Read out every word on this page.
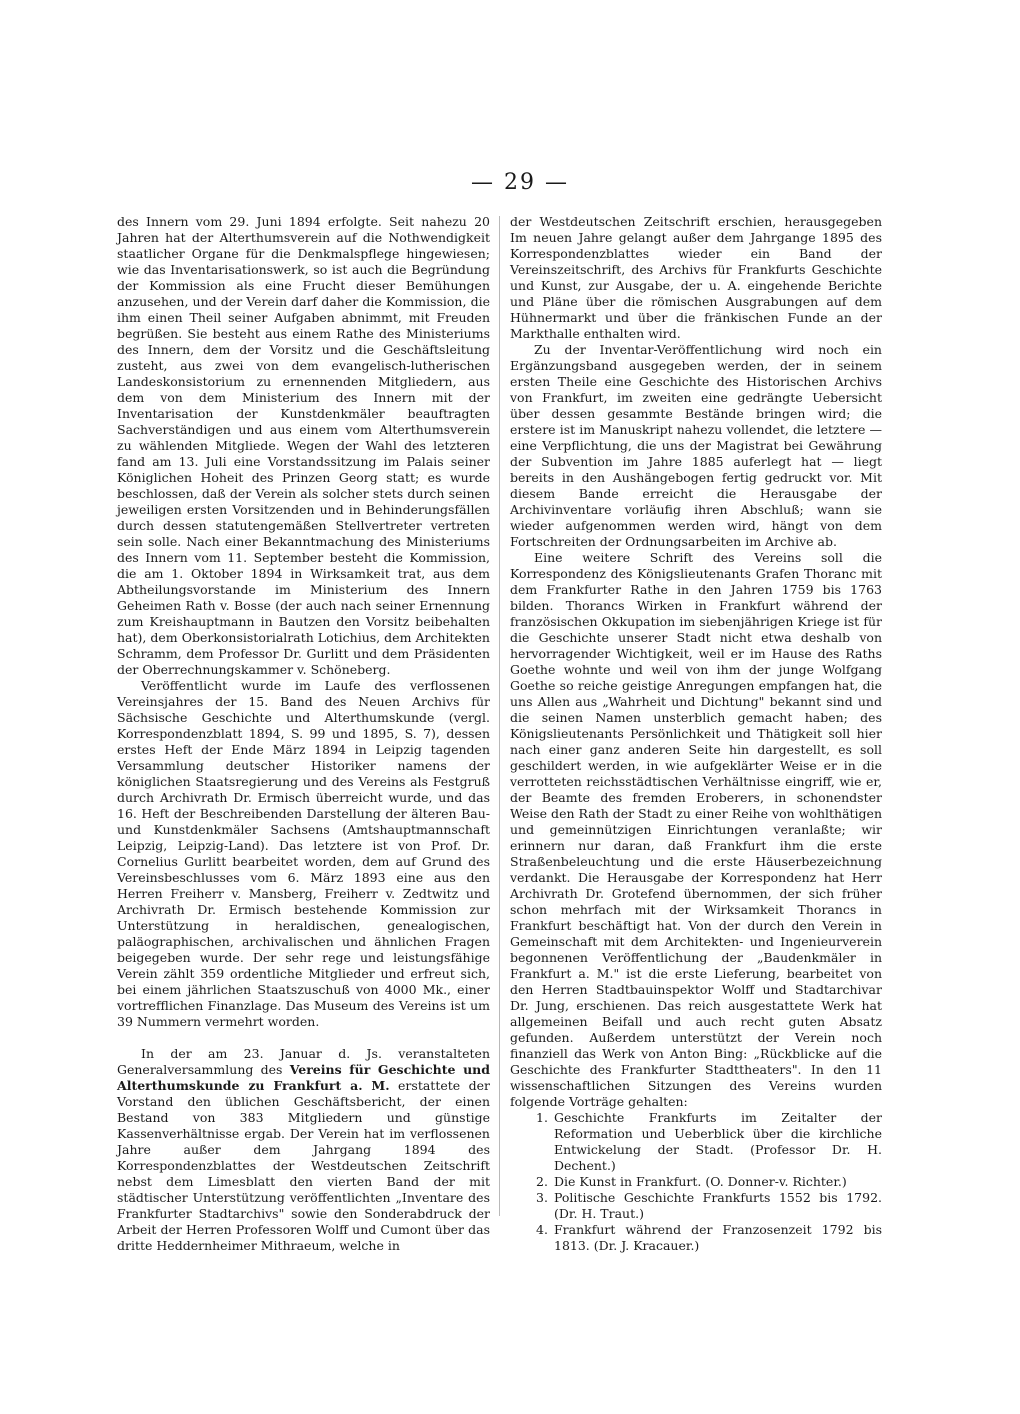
— 29 —

des Innern vom 29. Juni 1894 erfolgte. Seit nahezu 20 Jahren hat der Alterthumsverein auf die Nothwendigkeit staatlicher Organe für die Denkmalspflege hingewiesen; wie das Inventarisationswerk, so ist auch die Begründung der Kommission als eine Frucht dieser Bemühungen anzusehen, und der Verein darf daher die Kommission, die ihm einen Theil seiner Aufgaben abnimmt, mit Freuden begrüßen. Sie besteht aus einem Rathe des Ministeriums des Innern, dem der Vorsitz und die Geschäftsleitung zusteht, aus zwei von dem evangelisch-lutherischen Landeskonsistorium zu ernennenden Mitgliedern, aus dem von dem Ministerium des Innern mit der Inventarisation der Kunstdenkmäler beauftragten Sachverständigen und aus einem vom Alterthumsverein zu wählenden Mitgliede. Wegen der Wahl des letzteren fand am 13. Juli eine Vorstandssitzung im Palais seiner Königlichen Hoheit des Prinzen Georg statt; es wurde beschlossen, daß der Verein als solcher stets durch seinen jeweiligen ersten Vorsitzenden und in Behinderungsfällen durch dessen statutengemäßen Stellvertreter vertreten sein solle. Nach einer Bekanntmachung des Ministeriums des Innern vom 11. September besteht die Kommission, die am 1. Oktober 1894 in Wirksamkeit trat, aus dem Abtheilungsvorstande im Ministerium des Innern Geheimen Rath v. Bosse (der auch nach seiner Ernennung zum Kreishauptmann in Bautzen den Vorsitz beibehalten hat), dem Oberkonsistorialrath Lotichius, dem Architekten Schramm, dem Professor Dr. Gurlitt und dem Präsidenten der Oberrechnungskammer v. Schöneberg.

Veröffentlicht wurde im Laufe des verflossenen Vereinsjahres der 15. Band des Neuen Archivs für Sächsische Geschichte und Alterthumskunde (vergl. Korrespondenzblatt 1894, S. 99 und 1895, S. 7), dessen erstes Heft der Ende März 1894 in Leipzig tagenden Versammlung deutscher Historiker namens der königlichen Staatsregierung und des Vereins als Festgruß durch Archivrath Dr. Ermisch überreicht wurde, und das 16. Heft der Beschreibenden Darstellung der älteren Bau- und Kunstdenkmäler Sachsens (Amtshauptmannschaft Leipzig, Leipzig-Land). Das letztere ist von Prof. Dr. Cornelius Gurlitt bearbeitet worden, dem auf Grund des Vereinsbeschlusses vom 6. März 1893 eine aus den Herren Freiherr v. Mansberg, Freiherr v. Zedtwitz und Archivrath Dr. Ermisch bestehende Kommission zur Unterstützung in heraldischen, genealogischen, paläographischen, archivalischen und ähnlichen Fragen beigegeben wurde. Der sehr rege und leistungsfähige Verein zählt 359 ordentliche Mitglieder und erfreut sich, bei einem jährlichen Staatszuschuß von 4000 Mk., einer vortrefflichen Finanzlage. Das Museum des Vereins ist um 39 Nummern vermehrt worden.

In der am 23. Januar d. Js. veranstalteten Generalversammlung des Vereins für Geschichte und Alterthumskunde zu Frankfurt a. M. erstattete der Vorstand den üblichen Geschäftsbericht, der einen Bestand von 383 Mitgliedern und günstige Kassenverhältnisse ergab. Der Verein hat im verflossenen Jahre außer dem Jahrgang 1894 des Korrespondenzblattes der Westdeutschen Zeitschrift nebst dem Limesblatt den vierten Band der mit städtischer Unterstützung veröffentlichten „Inventare des Frankfurter Stadtarchivs" sowie den Sonderabdruck der Arbeit der Herren Professoren Wolff und Cumont über das dritte Heddernheimer Mithraeum, welche in

der Westdeutschen Zeitschrift erschien, herausgegeben Im neuen Jahre gelangt außer dem Jahrgange 1895 des Korrespondenzblattes wieder ein Band der Vereinszeitschrift, des Archivs für Frankfurts Geschichte und Kunst, zur Ausgabe, der u. A. eingehende Berichte und Pläne über die römischen Ausgrabungen auf dem Hühnermarkt und über die fränkischen Funde an der Markthalle enthalten wird.

Zu der Inventar-Veröffentlichung wird noch ein Ergänzungsband ausgegeben werden, der in seinem ersten Theile eine Geschichte des Historischen Archivs von Frankfurt, im zweiten eine gedrängte Uebersicht über dessen gesammte Bestände bringen wird; die erstere ist im Manuskript nahezu vollendet, die letztere — eine Verpflichtung, die uns der Magistrat bei Gewährung der Subvention im Jahre 1885 auferlegt hat — liegt bereits in den Aushängebogen fertig gedruckt vor. Mit diesem Bande erreicht die Herausgabe der Archivinventare vorläufig ihren Abschluß; wann sie wieder aufgenommen werden wird, hängt von dem Fortschreiten der Ordnungsarbeiten im Archive ab.

Eine weitere Schrift des Vereins soll die Korrespondenz des Königslieutenants Grafen Thoranc mit dem Frankfurter Rathe in den Jahren 1759 bis 1763 bilden. Thorancs Wirken in Frankfurt während der französischen Okkupation im siebenjährigen Kriege ist für die Geschichte unserer Stadt nicht etwa deshalb von hervorragender Wichtigkeit, weil er im Hause des Raths Goethe wohnte und weil von ihm der junge Wolfgang Goethe so reiche geistige Anregungen empfangen hat, die uns Allen aus „Wahrheit und Dichtung" bekannt sind und die seinen Namen unsterblich gemacht haben; des Königslieutenants Persönlichkeit und Thätigkeit soll hier nach einer ganz anderen Seite hin dargestellt, es soll geschildert werden, in wie aufgeklärter Weise er in die verrotteten reichsstädtischen Verhältnisse eingriff, wie er, der Beamte des fremden Eroberers, in schonendster Weise den Rath der Stadt zu einer Reihe von wohlthätigen und gemeinnützigen Einrichtungen veranlaßte; wir erinnern nur daran, daß Frankfurt ihm die erste Straßenbeleuchtung und die erste Häuserbezeichnung verdankt. Die Herausgabe der Korrespondenz hat Herr Archivrath Dr. Grotefend übernommen, der sich früher schon mehrfach mit der Wirksamkeit Thorancs in Frankfurt beschäftigt hat. Von der durch den Verein in Gemeinschaft mit dem Architekten- und Ingenieurverein begonnenen Veröffentlichung der „Baudenkmäler in Frankfurt a. M." ist die erste Lieferung, bearbeitet von den Herren Stadtbauinspektor Wolff und Stadtarchivar Dr. Jung, erschienen. Das reich ausgestattete Werk hat allgemeinen Beifall und auch recht guten Absatz gefunden. Außerdem unterstützt der Verein noch finanziell das Werk von Anton Bing: „Rückblicke auf die Geschichte des Frankfurter Stadttheaters". In den 11 wissenschaftlichen Sitzungen des Vereins wurden folgende Vorträge gehalten:

1. Geschichte Frankfurts im Zeitalter der Reformation und Ueberblick über die kirchliche Entwickelung der Stadt. (Professor Dr. H. Dechent.)
2. Die Kunst in Frankfurt. (O. Donner-v. Richter.)
3. Politische Geschichte Frankfurts 1552 bis 1792. (Dr. H. Traut.)
4. Frankfurt während der Franzosenzeit 1792 bis 1813. (Dr. J. Kracauer.)
